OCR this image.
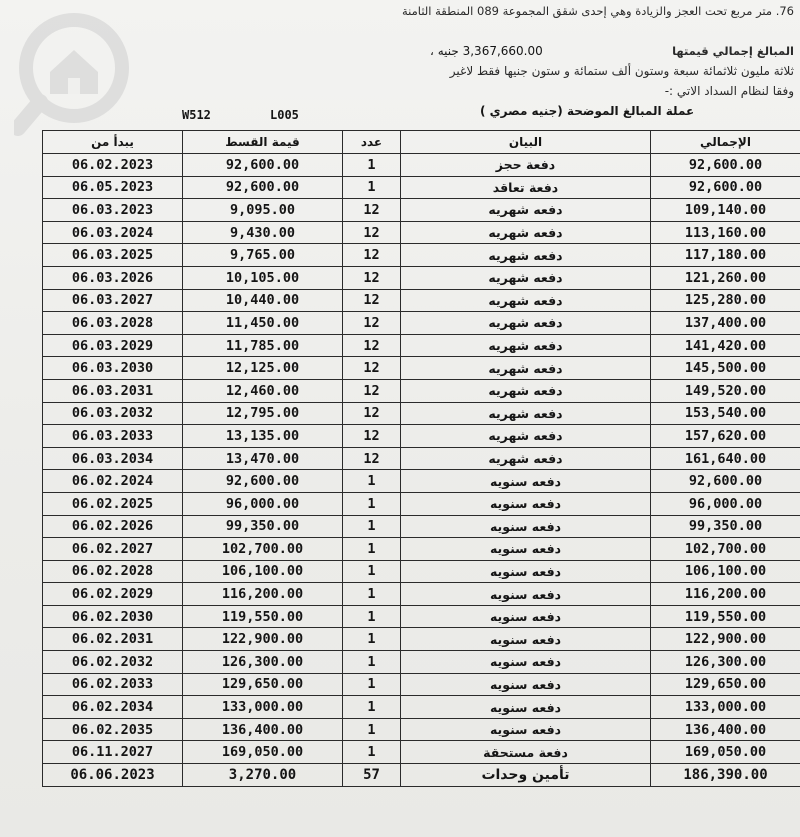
76. متر مربع تحت العجز والزيادة وهي إحدى شقق المجموعة 089 المنطقة الثامنة
المبالغ إجمالي قيمتها
3,367,660.00 جنيه ،
ثلاثة مليون ثلاثمائة سبعة وستون ألف ستمائة و ستون جنيها فقط لاغير
وفقا لنظام السداد الاتي :-
W512	L005	عملة المبالغ الموضحة (جنيه مصري )
يبدأ من	قيمة القسط	عدد	البيان	الإجمالي
06.02.2023	92,600.00	1	دفعة حجز	92,600.00
06.05.2023	92,600.00	1	دفعة تعاقد	92,600.00
06.03.2023	9,095.00	12	دفعه شهريه	109,140.00
06.03.2024	9,430.00	12	دفعه شهريه	113,160.00
06.03.2025	9,765.00	12	دفعه شهريه	117,180.00
06.03.2026	10,105.00	12	دفعه شهريه	121,260.00
06.03.2027	10,440.00	12	دفعه شهريه	125,280.00
06.03.2028	11,450.00	12	دفعه شهريه	137,400.00
06.03.2029	11,785.00	12	دفعه شهريه	141,420.00
06.03.2030	12,125.00	12	دفعه شهريه	145,500.00
06.03.2031	12,460.00	12	دفعه شهريه	149,520.00
06.03.2032	12,795.00	12	دفعه شهريه	153,540.00
06.03.2033	13,135.00	12	دفعه شهريه	157,620.00
06.03.2034	13,470.00	12	دفعه شهريه	161,640.00
06.02.2024	92,600.00	1	دفعه سنويه	92,600.00
06.02.2025	96,000.00	1	دفعه سنويه	96,000.00
06.02.2026	99,350.00	1	دفعه سنويه	99,350.00
06.02.2027	102,700.00	1	دفعه سنويه	102,700.00
06.02.2028	106,100.00	1	دفعه سنويه	106,100.00
06.02.2029	116,200.00	1	دفعه سنويه	116,200.00
06.02.2030	119,550.00	1	دفعه سنويه	119,550.00
06.02.2031	122,900.00	1	دفعه سنويه	122,900.00
06.02.2032	126,300.00	1	دفعه سنويه	126,300.00
06.02.2033	129,650.00	1	دفعه سنويه	129,650.00
06.02.2034	133,000.00	1	دفعه سنويه	133,000.00
06.02.2035	136,400.00	1	دفعه سنويه	136,400.00
06.11.2027	169,050.00	1	دفعة مستحقة	169,050.00
06.06.2023	3,270.00	57	تأمين وحدات	186,390.00
